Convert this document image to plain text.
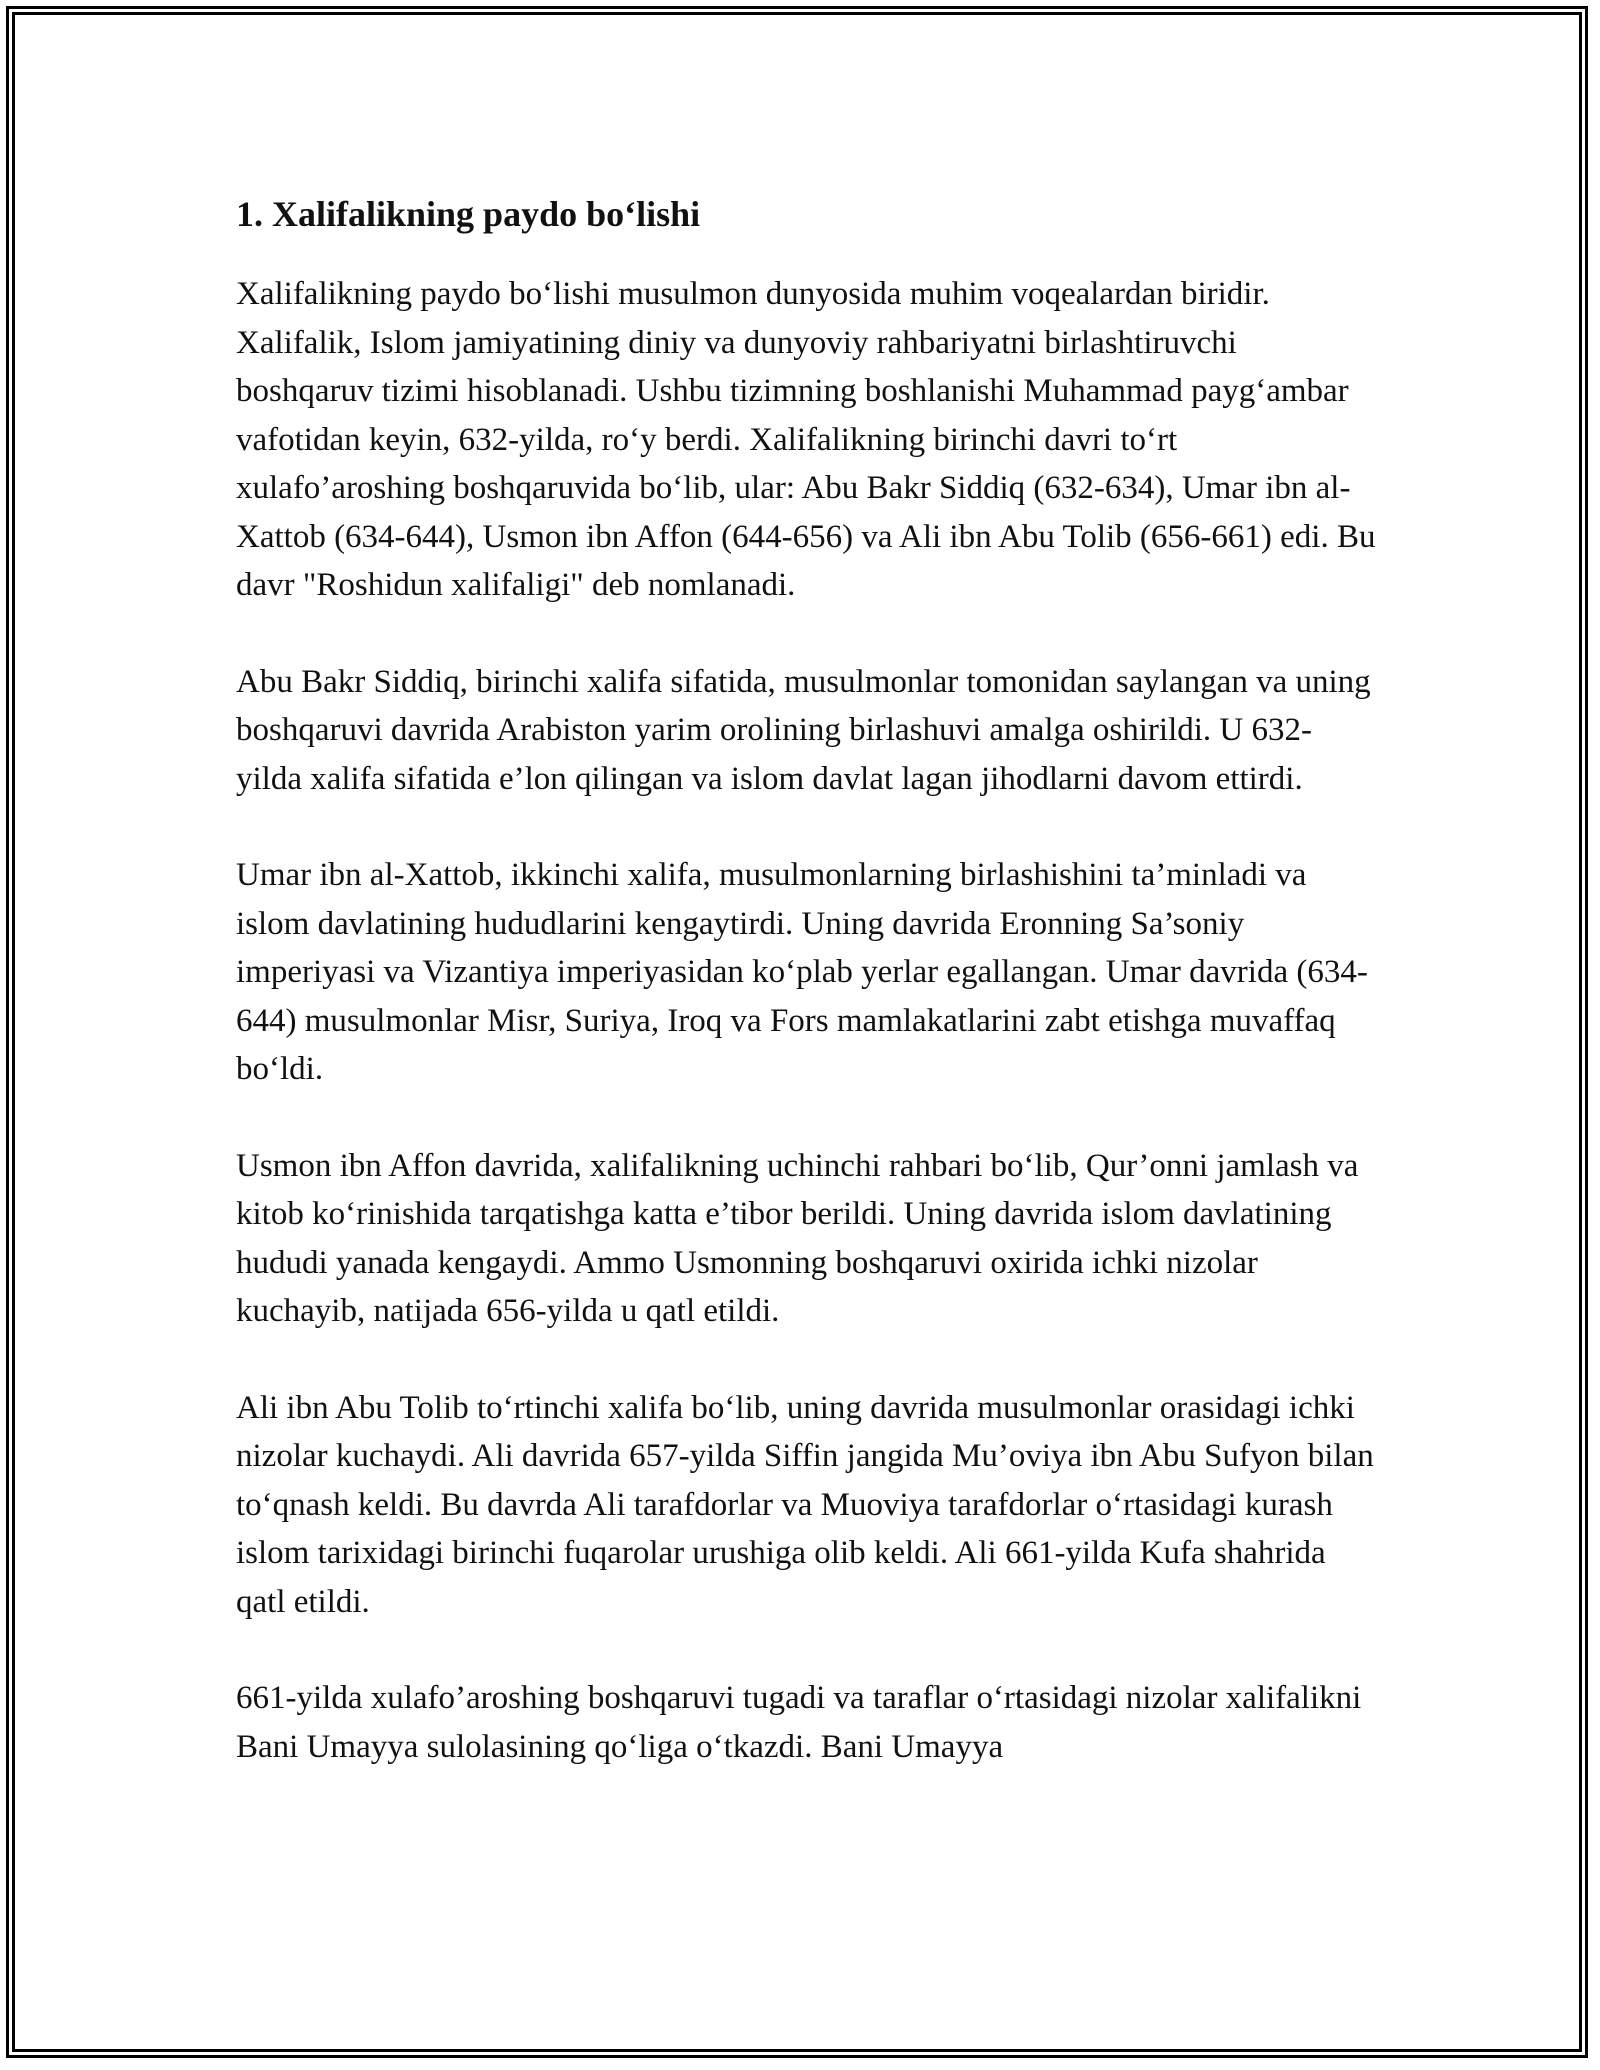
1. Xalifalikning paydo bo‘lishi

Xalifalikning paydo bo‘lishi musulmon dunyosida muhim voqealardan biridir. Xalifalik, Islom jamiyatining diniy va dunyoviy rahbariyatni birlashtiruvchi boshqaruv tizimi hisoblanadi. Ushbu tizimning boshlanishi Muhammad payg‘ambar vafotidan keyin, 632-yilda, ro‘y berdi. Xalifalikning birinchi davri to‘rt xulafo’aroshing boshqaruvida bo‘lib, ular: Abu Bakr Siddiq (632-634), Umar ibn al-Xattob (634-644), Usmon ibn Affon (644-656) va Ali ibn Abu Tolib (656-661) edi. Bu davr "Roshidun xalifaligi" deb nomlanadi.

Abu Bakr Siddiq, birinchi xalifa sifatida, musulmonlar tomonidan saylangan va uning boshqaruvi davrida Arabiston yarim orolining birlashuvi amalga oshirildi. U 632-yilda xalifa sifatida e’lon qilingan va islom davlat lagan jihodlarni davom ettirdi.

Umar ibn al-Xattob, ikkinchi xalifa, musulmonlarning birlashishini ta’minladi va islom davlatining hududlarini kengaytirdi. Uning davrida Eronning Sa’soniy imperiyasi va Vizantiya imperiyasidan ko‘plab yerlar egallangan. Umar davrida (634-644) musulmonlar Misr, Suriya, Iroq va Fors mamlakatlarini zabt etishga muvaffaq bo‘ldi.

Usmon ibn Affon davrida, xalifalikning uchinchi rahbari bo‘lib, Qur’onni jamlash va kitob ko‘rinishida tarqatishga katta e’tibor berildi. Uning davrida islom davlatining hududi yanada kengaydi. Ammo Usmonning boshqaruvi oxirida ichki nizolar kuchayib, natijada 656-yilda u qatl etildi.

Ali ibn Abu Tolib to‘rtinchi xalifa bo‘lib, uning davrida musulmonlar orasidagi ichki nizolar kuchaydi. Ali davrida 657-yilda Siffin jangida Mu’oviya ibn Abu Sufyon bilan to‘qnash keldi. Bu davrda Ali tarafdorlar va Muoviya tarafdorlar o‘rtasidagi kurash islom tarixidagi birinchi fuqarolar urushiga olib keldi. Ali 661-yilda Kufa shahrida qatl etildi.

661-yilda xulafo’aroshing boshqaruvi tugadi va taraflar o‘rtasidagi nizolar xalifalikni Bani Umayya sulolasining qo‘liga o‘tkazdi. Bani Umayya
